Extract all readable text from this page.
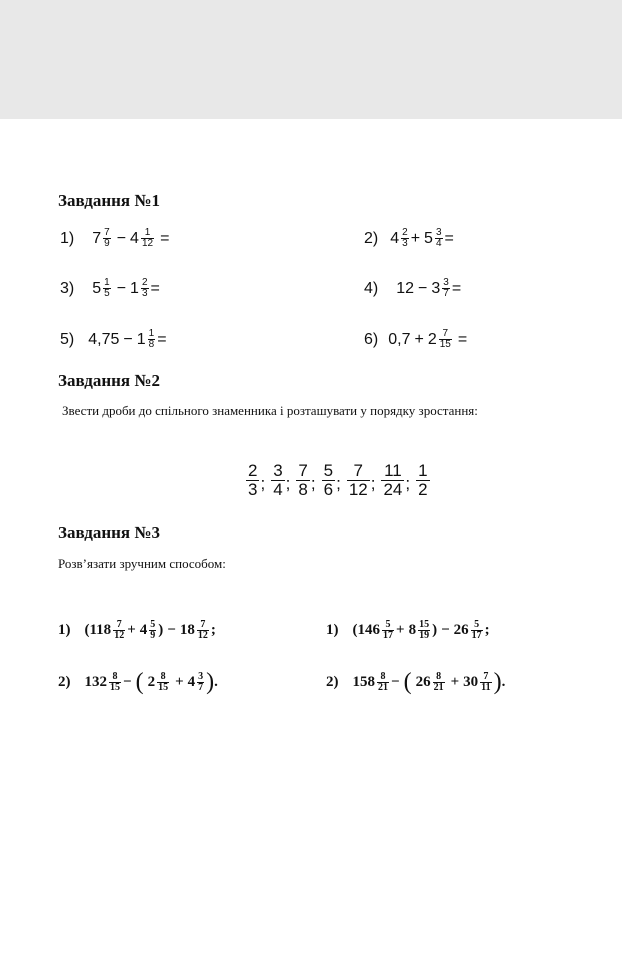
Завдання №1
1) $7 \frac{7}{9} - 4 \frac{1}{12}$ =	2) $4 \frac{2}{3} + 5 \frac{3}{4}$ =
3) $5 \frac{1}{5} - 1 \frac{2}{3}$ =	4) $12 - 3 \frac{3}{7}$ =
5) $4,75 - 1 \frac{1}{8}$ =	6) $0,7 + 2 \frac{7}{15}$ =
Завдання №2
Звести дроби до спільного знаменника і розташувати у порядку зростання:
2
3 ;
3
4 ;
7
8 ;
5
6 ;
7
12 ;
11
24 ;
1
2
Завдання №3
Розв’язати зручним способом:
1) ( $118 \frac{7}{12} + 4 \frac{5}{9}$ ) − $18 \frac{7}{12}$ ;	1) ( $146 \frac{5}{17} + 8 \frac{15}{19}$ ) − $26 \frac{5}{17}$ ;
2) $132 \frac{8}{15}$ − ( $2 \frac{8}{15} + 4 \frac{3}{7}$ ) .	2) $158 \frac{8}{21}$ − ( $26 \frac{8}{21} + 30 \frac{7}{11}$ ) .
